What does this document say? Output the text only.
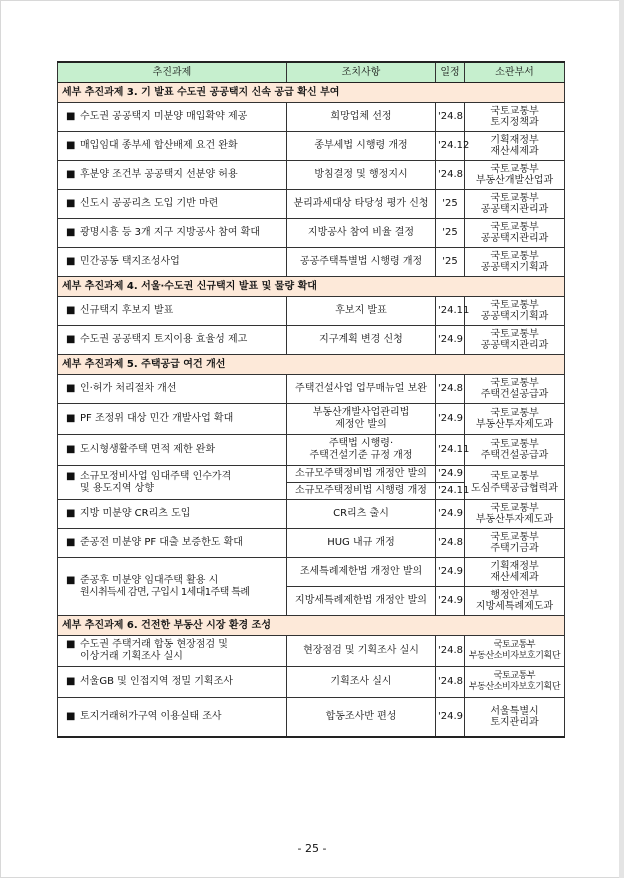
추진과제	조치사항	일정	소관부서
세부 추진과제 3. 기 발표 수도권 공공택지 신속 공급 확신 부여			
■ 수도권 공공택지 미분양 매입확약 제공	희망업체 선정	'24.8	국토교통부
토지정책과

■ 매입임대 종부세 합산배제 요건 완화	종부세법 시행령 개정	'24.12	기획재정부
재산세제과

■ 후분양 조건부 공공택지 선분양 허용	방침결정 및 행정지시	'24.8	국토교통부
부동산개발산업과

■ 신도시 공공리츠 도입 기반 마련	분리과세대상 타당성 평가 신청	'25	국토교통부
공공택지관리과

■ 광명시흥 등 3개 지구 지방공사 참여 확대	지방공사 참여 비율 결정	'25	국토교통부
공공택지관리과

■ 민간공동 택지조성사업	공공주택특별법 시행령 개정	'25	국토교통부
공공택지기획과

세부 추진과제 4. 서울·수도권 신규택지 발표 및 물량 확대			
■ 신규택지 후보지 발표	후보지 발표	'24.11	국토교통부
공공택지기획과

■ 수도권 공공택지 토지이용 효율성 제고	지구계획 변경 신청	'24.9	국토교통부
공공택지관리과

세부 추진과제 5. 주택공급 여건 개선			
■ 인·허가 처리절차 개선	주택건설사업 업무매뉴얼 보완	'24.8	국토교통부
주택건설공급과

■ PF 조정위 대상 민간 개발사업 확대	부동산개발사업관리법
제정안 발의	'24.9	국토교통부
부동산투자제도과

■ 도시형생활주택 면적 제한 완화	주택법 시행령·
주택건설기준 규정 개정	'24.11	국토교통부
주택건설공급과

■ 소규모정비사업 임대주택 인수가격
및 용도지역 상향	소규모주택정비법 개정안 발의	'24.9	국토교통부
도심주택공급협력과

	소규모주택정비법 시행령 개정	'24.11	
■ 지방 미분양 CR리츠 도입	CR리츠 출시	'24.9	국토교통부
부동산투자제도과

■ 준공전 미분양 PF 대출 보증한도 확대	HUG 내규 개정	'24.8	국토교통부
주택기금과

■ 준공후 미분양 임대주택 활용 시
원시취득세 감면, 구입시 1세대1주택 특례	조세특례제한법 개정안 발의	'24.9	기획재정부
재산세제과

	지방세특례제한법 개정안 발의	'24.9	행정안전부
지방세특례제도과

세부 추진과제 6. 건전한 부동산 시장 환경 조성			
■ 수도권 주택거래 합동 현장점검 및
이상거래 기획조사 실시	현장점검 및 기획조사 실시	'24.8	국토교통부
부동산소비자보호기획단

■ 서울GB 및 인접지역 정밀 기획조사	기획조사 실시	'24.8	국토교통부
부동산소비자보호기획단

■ 토지거래허가구역 이용실태 조사	합동조사반 편성	'24.9	서울특별시
토지관리과
- 25 -
